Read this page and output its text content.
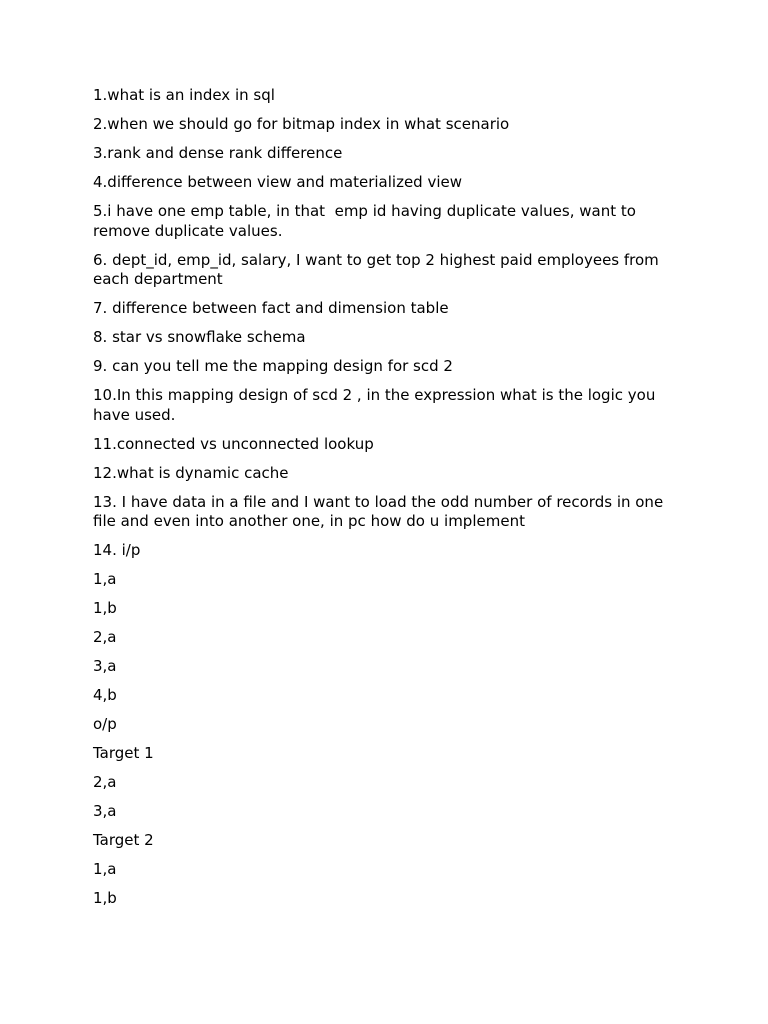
1.what is an index in sql

2.when we should go for bitmap index in what scenario

3.rank and dense rank difference

4.difference between view and materialized view

5.i have one emp table, in that  emp id having duplicate values, want to remove duplicate values.

6. dept_id, emp_id, salary, I want to get top 2 highest paid employees from each department

7. difference between fact and dimension table

8. star vs snowflake schema

9. can you tell me the mapping design for scd 2

10.In this mapping design of scd 2 , in the expression what is the logic you have used.

11.connected vs unconnected lookup

12.what is dynamic cache

13. I have data in a file and I want to load the odd number of records in one file and even into another one, in pc how do u implement

14. i/p

1,a

1,b

2,a

3,a

4,b

o/p

Target 1

2,a

3,a

Target 2

1,a

1,b
